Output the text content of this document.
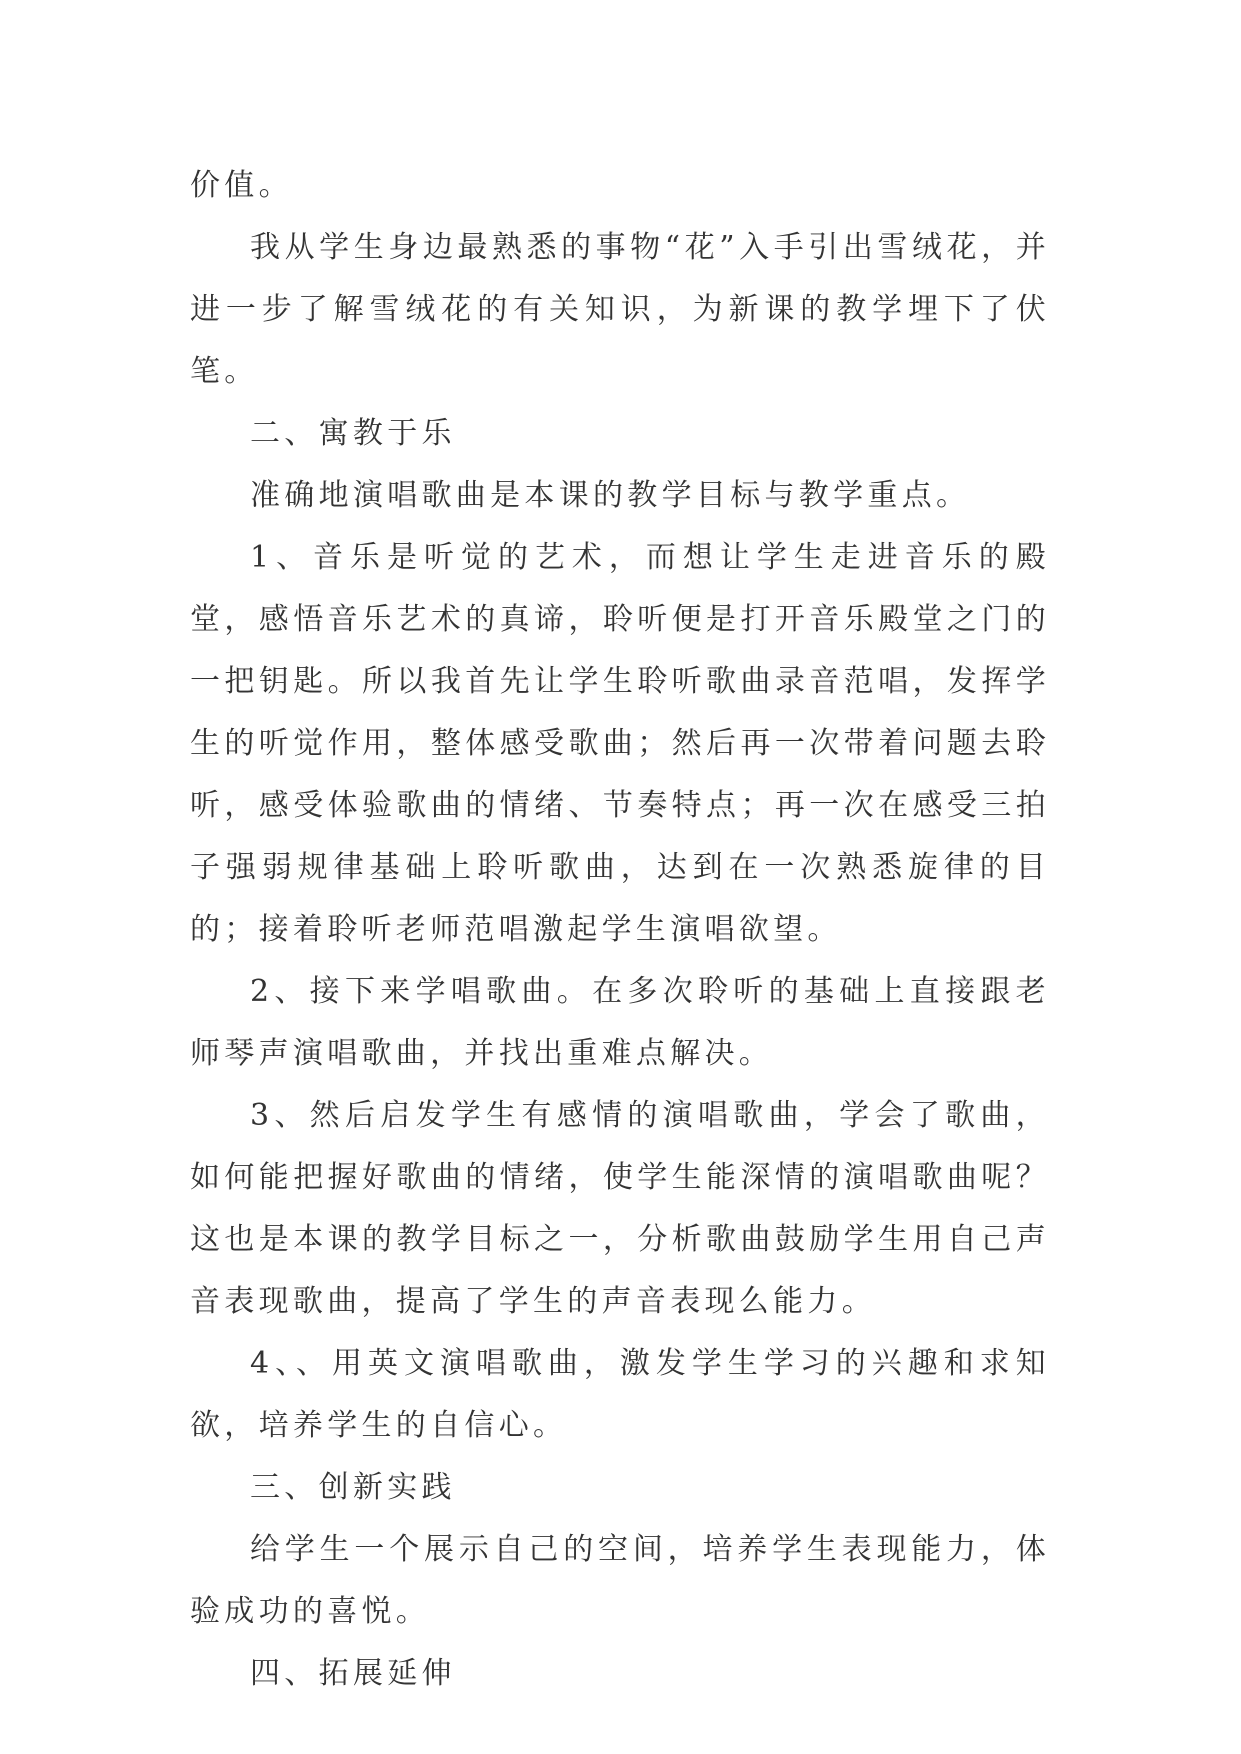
价值。

我从学生身边最熟悉的事物“花”入手引出雪绒花，并进一步了解雪绒花的有关知识，为新课的教学埋下了伏笔。

二、寓教于乐

准确地演唱歌曲是本课的教学目标与教学重点。

1、音乐是听觉的艺术，而想让学生走进音乐的殿堂，感悟音乐艺术的真谛，聆听便是打开音乐殿堂之门的一把钥匙。所以我首先让学生聆听歌曲录音范唱，发挥学生的听觉作用，整体感受歌曲；然后再一次带着问题去聆听，感受体验歌曲的情绪、节奏特点；再一次在感受三拍子强弱规律基础上聆听歌曲，达到在一次熟悉旋律的目的；接着聆听老师范唱激起学生演唱欲望。

2、接下来学唱歌曲。在多次聆听的基础上直接跟老师琴声演唱歌曲，并找出重难点解决。

3、然后启发学生有感情的演唱歌曲，学会了歌曲，如何能把握好歌曲的情绪，使学生能深情的演唱歌曲呢？这也是本课的教学目标之一，分析歌曲鼓励学生用自己声音表现歌曲，提高了学生的声音表现么能力。

4、、用英文演唱歌曲，激发学生学习的兴趣和求知欲，培养学生的自信心。

三、创新实践

给学生一个展示自己的空间，培养学生表现能力，体验成功的喜悦。

四、拓展延伸
